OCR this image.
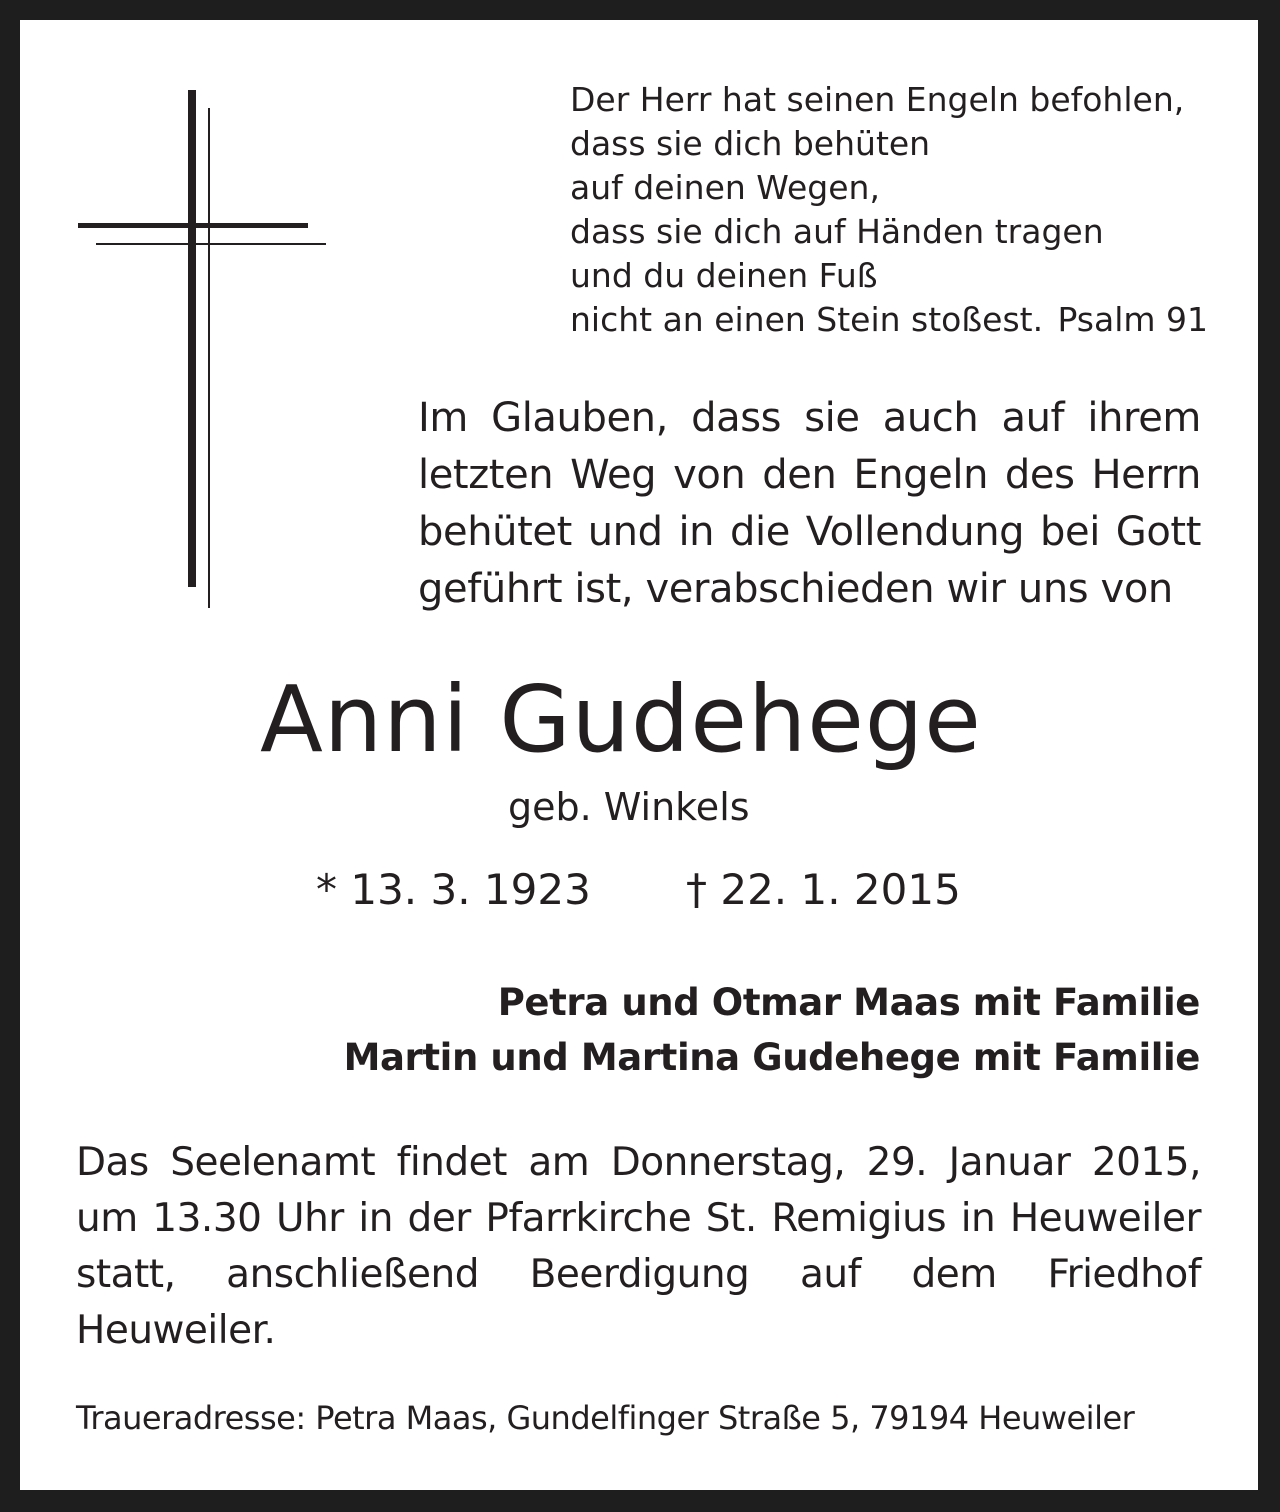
Der Herr hat seinen Engeln befohlen,
dass sie dich behüten
auf deinen Wegen,
dass sie dich auf Händen tragen
und du deinen Fuß
nicht an einen Stein stoßest. Psalm 91
Im Glauben, dass sie auch auf ihrem letzten Weg von den Engeln des Herrn behütet und in die Vollendung bei Gott geführt ist, verabschieden wir uns von
Anni Gudehege
geb. Winkels
* 13. 3. 1923 † 22. 1. 2015
Petra und Otmar Maas mit Familie
Martin und Martina Gudehege mit Familie
Das Seelenamt findet am Donnerstag, 29. Januar 2015, um 13.30 Uhr in der Pfarrkirche St. Remigius in Heuweiler statt, anschließend Beerdigung auf dem Friedhof Heuweiler.
Traueradresse: Petra Maas, Gundelfinger Straße 5, 79194 Heuweiler
